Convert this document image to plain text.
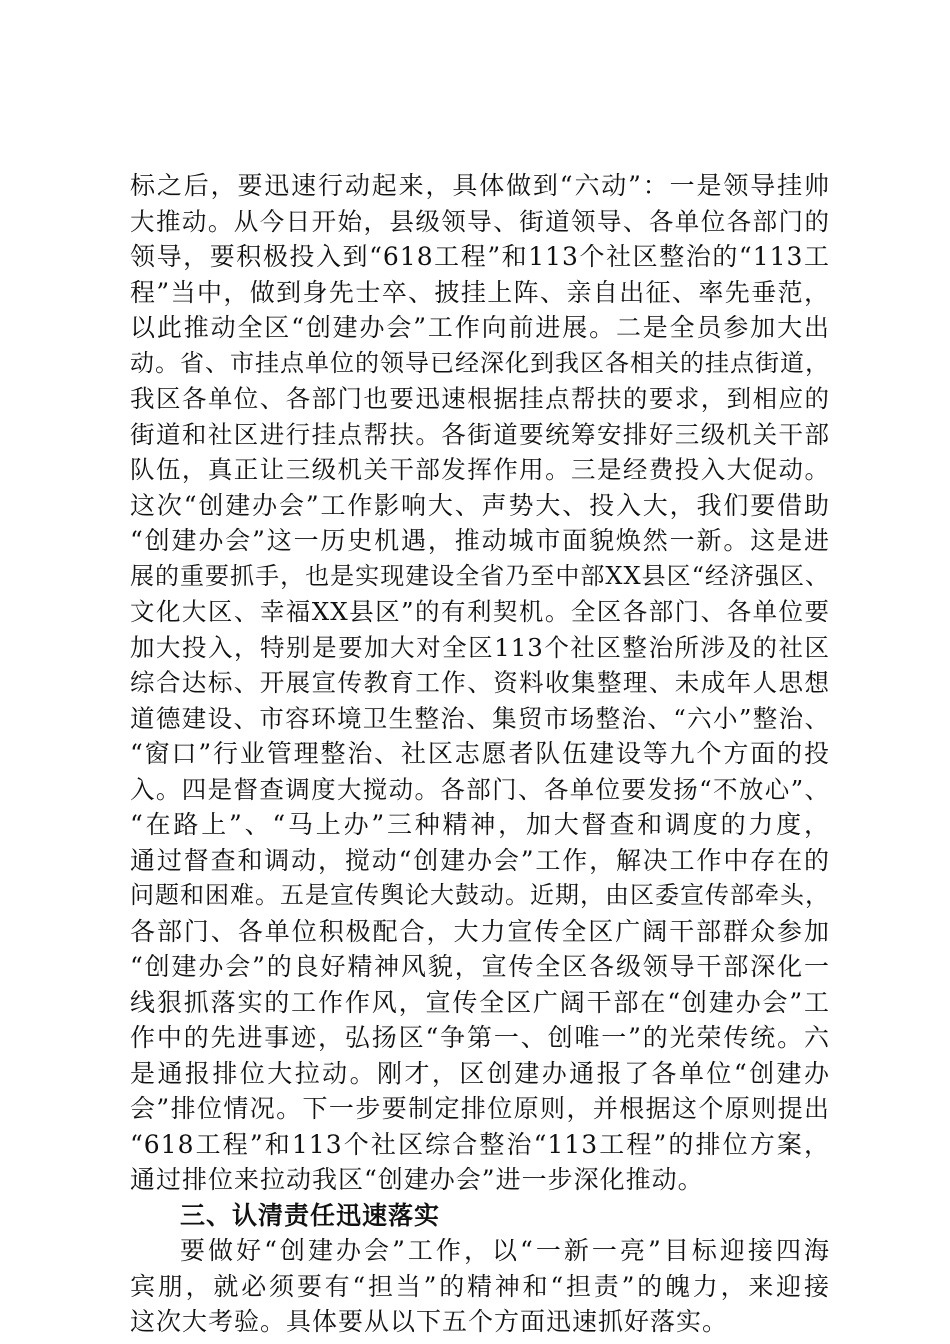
标之后，要迅速行动起来，具体做到“六动”：一是领导挂帅
大推动。从今日开始，县级领导、街道领导、各单位各部门的
领导，要积极投入到“618工程”和113个社区整治的“113工
程”当中，做到身先士卒、披挂上阵、亲自出征、率先垂范，
以此推动全区“创建办会”工作向前进展。二是全员参加大出
动。省、市挂点单位的领导已经深化到我区各相关的挂点街道，
我区各单位、各部门也要迅速根据挂点帮扶的要求，到相应的
街道和社区进行挂点帮扶。各街道要统筹安排好三级机关干部
队伍，真正让三级机关干部发挥作用。三是经费投入大促动。
这次“创建办会”工作影响大、声势大、投入大，我们要借助
“创建办会”这一历史机遇，推动城市面貌焕然一新。这是进
展的重要抓手，也是实现建设全省乃至中部XX县区“经济强区、
文化大区、幸福XX县区”的有利契机。全区各部门、各单位要
加大投入，特别是要加大对全区113个社区整治所涉及的社区
综合达标、开展宣传教育工作、资料收集整理、未成年人思想
道德建设、市容环境卫生整治、集贸市场整治、“六小”整治、
“窗口”行业管理整治、社区志愿者队伍建设等九个方面的投
入。四是督查调度大搅动。各部门、各单位要发扬“不放心”、
“在路上”、“马上办”三种精神，加大督查和调度的力度，
通过督查和调动，搅动“创建办会”工作，解决工作中存在的
问题和困难。五是宣传舆论大鼓动。近期，由区委宣传部牵头，
各部门、各单位积极配合，大力宣传全区广阔干部群众参加
“创建办会”的良好精神风貌，宣传全区各级领导干部深化一
线狠抓落实的工作作风，宣传全区广阔干部在“创建办会”工
作中的先进事迹，弘扬区“争第一、创唯一”的光荣传统。六
是通报排位大拉动。刚才，区创建办通报了各单位“创建办
会”排位情况。下一步要制定排位原则，并根据这个原则提出
“618工程”和113个社区综合整治“113工程”的排位方案，
通过排位来拉动我区“创建办会”进一步深化推动。
三、认清责任迅速落实
要做好“创建办会”工作，以“一新一亮”目标迎接四海
宾朋，就必须要有“担当”的精神和“担责”的魄力，来迎接
这次大考验。具体要从以下五个方面迅速抓好落实。
